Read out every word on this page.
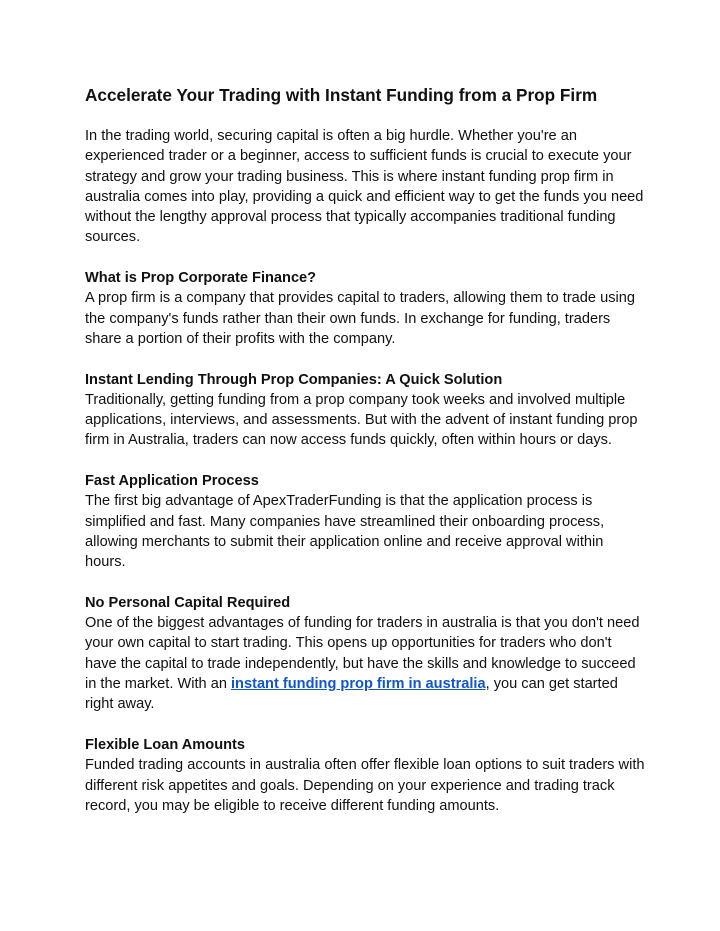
Accelerate Your Trading with Instant Funding from a Prop Firm

In the trading world, securing capital is often a big hurdle. Whether you're an experienced trader or a beginner, access to sufficient funds is crucial to execute your strategy and grow your trading business. This is where instant funding prop firm in australia comes into play, providing a quick and efficient way to get the funds you need without the lengthy approval process that typically accompanies traditional funding sources.

What is Prop Corporate Finance?

A prop firm is a company that provides capital to traders, allowing them to trade using the company's funds rather than their own funds. In exchange for funding, traders share a portion of their profits with the company.

Instant Lending Through Prop Companies: A Quick Solution

Traditionally, getting funding from a prop company took weeks and involved multiple applications, interviews, and assessments. But with the advent of instant funding prop firm in Australia, traders can now access funds quickly, often within hours or days.

Fast Application Process

The first big advantage of ApexTraderFunding is that the application process is simplified and fast. Many companies have streamlined their onboarding process, allowing merchants to submit their application online and receive approval within hours.

No Personal Capital Required

One of the biggest advantages of funding for traders in australia is that you don't need your own capital to start trading. This opens up opportunities for traders who don't have the capital to trade independently, but have the skills and knowledge to succeed in the market. With an instant funding prop firm in australia, you can get started right away.

Flexible Loan Amounts

Funded trading accounts in australia often offer flexible loan options to suit traders with different risk appetites and goals. Depending on your experience and trading track record, you may be eligible to receive different funding amounts.
